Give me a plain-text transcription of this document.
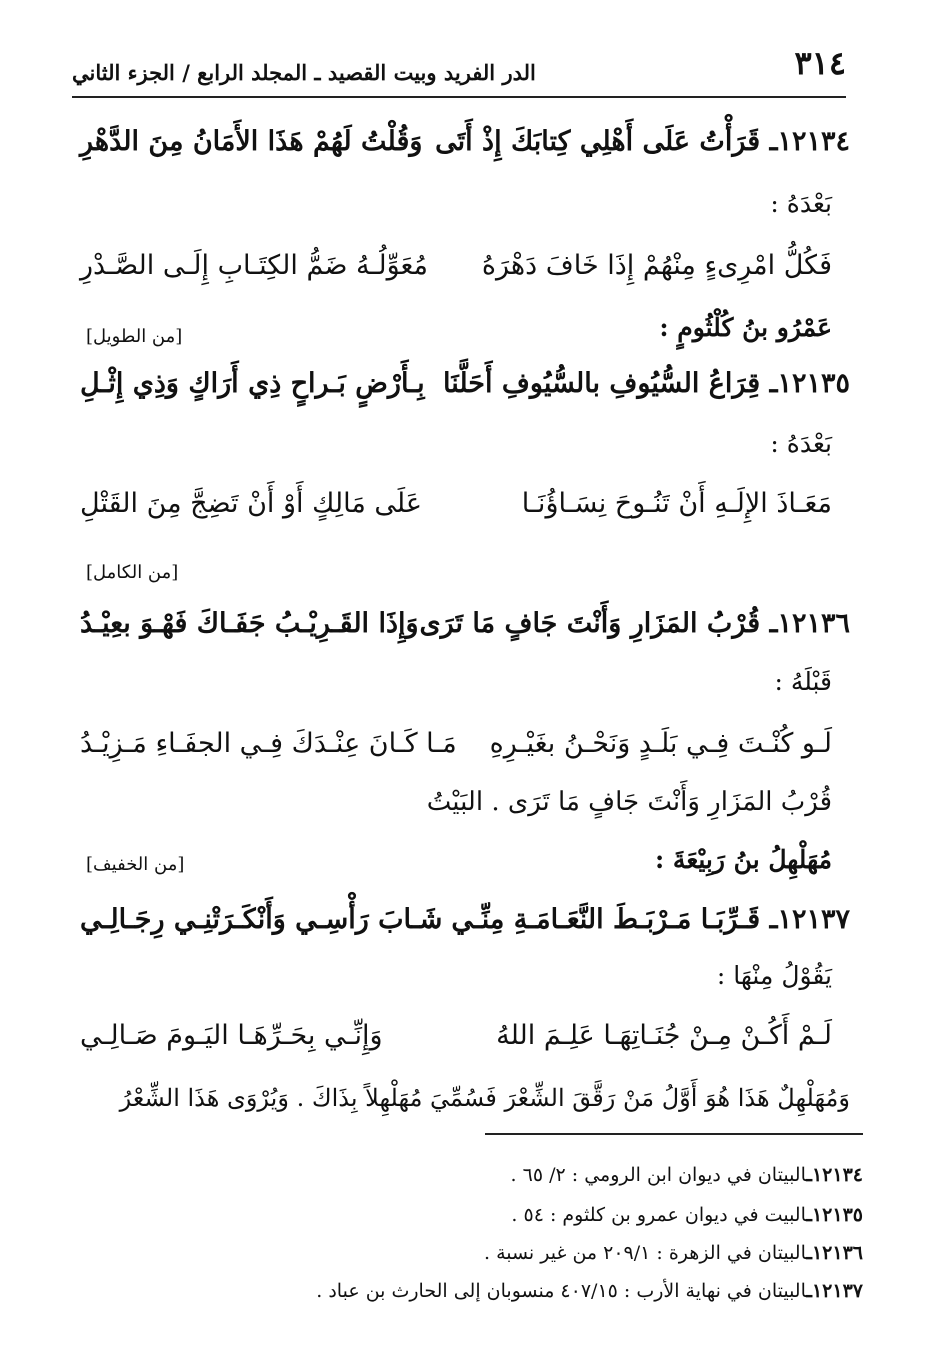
٣١٤
الدر الفريد وبيت القصيد ـ المجلد الرابع / الجزء الثاني
١٢١٣٤ـ قَرَأْتُ عَلَى أَهْلِي كِتابَكَ إِذْ أَتَى
وَقُلْتُ لَهُمْ هَذَا الأَمَانُ مِنَ الدَّهْرِ
بَعْدَهُ :
فَكُلُّ امْرِىءٍ مِنْهُمْ إِذَا خَافَ دَهْرَهُ
مُعَوِّلُـهُ ضَمُّ الكِتَـابِ إِلَـى الصَّـدْرِ
عَمْرُو بنُ كُلْثُومٍ :
[من الطويل]
١٢١٣٥ـ قِرَاعُ السُّيُوفِ بالسُّيُوفِ أَحَلَّنَا
بِـأَرْضٍ بَـراحٍ ذِي أَرَاكٍ وَذِي إِثْـلِ
بَعْدَهُ :
مَعَـاذَ الإِلَـهِ أَنْ تَنُـوحَ نِسَـاؤُنَـا
عَلَى مَالِكٍ أَوْ أَنْ تَضِجَّ مِنَ القَتْلِ
[من الكامل]
١٢١٣٦ـ قُرْبُ المَزَارِ وَأَنْتَ جَافٍ مَا تَرَى
وَإِذَا القَـرِيْـبُ جَفَـاكَ فَهْـوَ بعِيْـدُ
قَبْلَهُ :
لَـو كُنْـتَ فِـي بَلَـدٍ وَنَحْـنُ بغَيْـرِهِ
مَـا كَـانَ عِنْـدَكَ فِـي الجفَـاءِ مَـزِيْـدُ
قُرْبُ المَزَارِ وَأَنْتَ جَافٍ مَا تَرَى . البَيْتُ
مُهَلْهِلُ بنُ رَبِيْعَةَ :
[من الخفيف]
١٢١٣٧ـ قَـرِّبَـا مَـرْبَـطَ النَّعَـامَـةِ مِنِّـي
شَـابَ رَأْسِـي وَأَنْكَـرَتْنِـي رِجَـالِـي
يَقُوْلُ مِنْهَا :
لَـمْ أَكُـنْ مِـنْ جُنَـاتِهَـا عَلِـمَ اللهُ
وَإِنِّـي بِحَـرِّهَـا اليَـومَ صَـالِـي
وَمُهَلْهِلٌ هَذَا هُوَ أَوَّلُ مَنْ رَقَّقَ الشِّعْرَ فَسُمِّيَ مُهَلْهِلاً بِذَاكَ . وَيُرْوَى هَذَا الشِّعْرُ
١٢١٣٤ـالبيتان في ديوان ابن الرومي : ٢/ ٦٥ .
١٢١٣٥ـالبيت في ديوان عمرو بن كلثوم : ٥٤ .
١٢١٣٦ـالبيتان في الزهرة : ٢٠٩/١ من غير نسبة .
١٢١٣٧ـالبيتان في نهاية الأرب : ٤٠٧/١٥ منسوبان إلى الحارث بن عباد .
